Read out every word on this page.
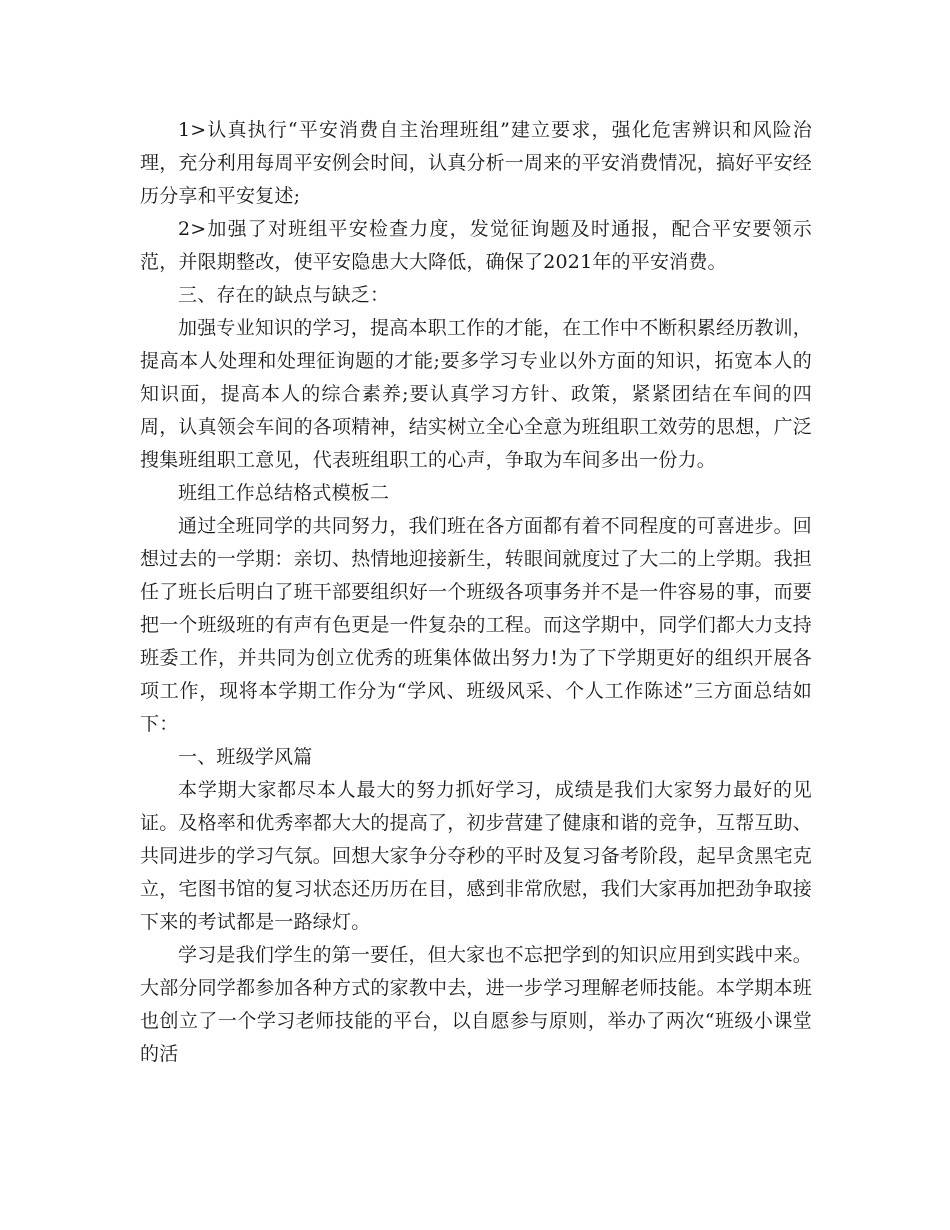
1>认真执行“平安消费自主治理班组”建立要求，强化危害辨识和风险治理，充分利用每周平安例会时间，认真分析一周来的平安消费情况，搞好平安经历分享和平安复述;

2>加强了对班组平安检查力度，发觉征询题及时通报，配合平安要领示范，并限期整改，使平安隐患大大降低，确保了2021年的平安消费。

三、存在的缺点与缺乏：

加强专业知识的学习，提高本职工作的才能，在工作中不断积累经历教训，提高本人处理和处理征询题的才能;要多学习专业以外方面的知识，拓宽本人的知识面，提高本人的综合素养;要认真学习方针、政策，紧紧团结在车间的四周，认真领会车间的各项精神，结实树立全心全意为班组职工效劳的思想，广泛搜集班组职工意见，代表班组职工的心声，争取为车间多出一份力。

班组工作总结格式模板二

通过全班同学的共同努力，我们班在各方面都有着不同程度的可喜进步。回想过去的一学期：亲切、热情地迎接新生，转眼间就度过了大二的上学期。我担任了班长后明白了班干部要组织好一个班级各项事务并不是一件容易的事，而要把一个班级班的有声有色更是一件复杂的工程。而这学期中，同学们都大力支持班委工作，并共同为创立优秀的班集体做出努力!为了下学期更好的组织开展各项工作，现将本学期工作分为“学风、班级风采、个人工作陈述”三方面总结如下：

一、班级学风篇

本学期大家都尽本人最大的努力抓好学习，成绩是我们大家努力最好的见证。及格率和优秀率都大大的提高了，初步营建了健康和谐的竞争，互帮互助、共同进步的学习气氛。回想大家争分夺秒的平时及复习备考阶段，起早贪黑宅克立，宅图书馆的复习状态还历历在目，感到非常欣慰，我们大家再加把劲争取接下来的考试都是一路绿灯。

学习是我们学生的第一要任，但大家也不忘把学到的知识应用到实践中来。大部分同学都参加各种方式的家教中去，进一步学习理解老师技能。本学期本班也创立了一个学习老师技能的平台，以自愿参与原则，举办了两次“班级小课堂的活
